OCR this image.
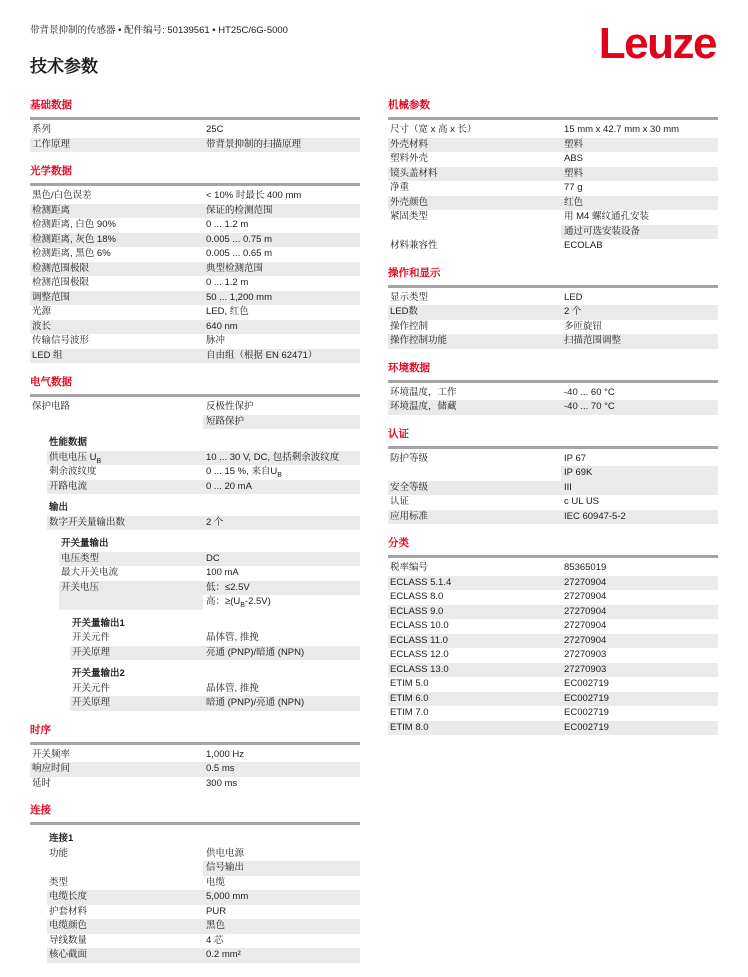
Leuze
带背景抑制的传感器 • 配件编号: 50139561 • HT25C/6G-5000
技术参数
基础数据
系列	25C
工作原理	带背景抑制的扫描原理
光学数据
黑色/白色误差	< 10% 时最长 400 mm
检测距离	保证的检测范围
检测距离, 白色 90%	0 ... 1.2 m
检测距离, 灰色 18%	0.005 ... 0.75 m
检测距离, 黑色 6%	0.005 ... 0.65 m
检测范围极限	典型检测范围
检测范围极限	0 ... 1.2 m
调整范围	50 ... 1,200 mm
光源	LED, 红色
波长	640 nm
传输信号波形	脉冲
LED 组	自由组（根据 EN 62471）
电气数据
保护电路	反极性保护
短路保护
性能数据
供电电压 $U_B$	10 ... 30 V, DC, 包括剩余波纹度
剩余波纹度	0 ... 15 %, 来自$U_B$
开路电流	0 ... 20 mA
输出
数字开关量输出数	2 个
开关量输出
电压类型	DC
最大开关电流	100 mA
开关电压	低：≤2.5V
高：$\ge(U_B-2.5V)$
开关量输出1
开关元件	晶体管, 推挽
开关原理	亮通 (PNP)/暗通 (NPN)
开关量输出2
开关元件	晶体管, 推挽
开关原理	暗通 (PNP)/亮通 (NPN)
时序
开关频率	1,000 Hz
响应时间	0.5 ms
延时	300 ms
连接
连接1
功能	供电电源
信号输出
类型	电缆
电缆长度	5,000 mm
护套材料	PUR
电缆颜色	黑色
导线数量	4 芯
核心截面	0.2 mm²
机械参数
尺寸（宽 x 高 x 长）	15 mm x 42.7 mm x 30 mm
外壳材料	塑料
塑料外壳	ABS
镜头盖材料	塑料
净重	77 g
外壳颜色	红色
紧固类型	用 M4 螺纹通孔安装
通过可选安装设备
材料兼容性	ECOLAB
操作和显示
显示类型	LED
LED数	2 个
操作控制	多匝旋钮
操作控制功能	扫描范围调整
环境数据
环境温度，工作	-40 ... 60 °C
环境温度，储藏	-40 ... 70 °C
认证
防护等级	IP 67
IP 69K
安全等级	III
认证	c UL US
应用标准	IEC 60947-5-2
分类
税率编号	85365019
ECLASS 5.1.4	27270904
ECLASS 8.0	27270904
ECLASS 9.0	27270904
ECLASS 10.0	27270904
ECLASS 11.0	27270904
ECLASS 12.0	27270903
ECLASS 13.0	27270903
ETIM 5.0	EC002719
ETIM 6.0	EC002719
ETIM 7.0	EC002719
ETIM 8.0	EC002719
